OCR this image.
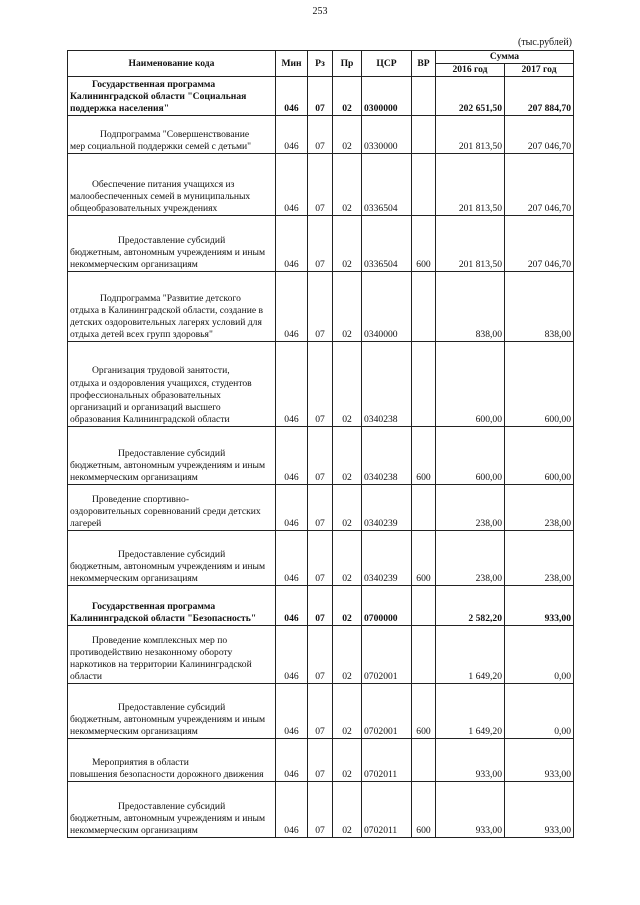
253
(тыс.рублей)
Наименование кода	Мин	Рз	Пр	ЦСР	ВР	Сумма	
						2016 год	2017 год

Государственная программа
Калининградской области "Социальная поддержка населения"	046	07	02	0300000		202 651,50	207 884,70

Подпрограмма "Совершенствование
мер социальной поддержки семей с детьми"	046	07	02	0330000		201 813,50	207 046,70

Обеспечение питания учащихся из
малообеспеченных семей в муниципальных общеобразовательных учреждениях	046	07	02	0336504		201 813,50	207 046,70

Предоставление субсидий
бюджетным, автономным учреждениям и иным некоммерческим организациям	046	07	02	0336504	600	201 813,50	207 046,70

Подпрограмма "Развитие детского
отдыха в Калининградской области, создание в детских оздоровительных лагерях условий для отдыха детей всех групп здоровья"	046	07	02	0340000		838,00	838,00

Организация трудовой занятости,
отдыха и оздоровления учащихся, студентов профессиональных образовательных организаций и организаций высшего образования Калининградской области	046	07	02	0340238		600,00	600,00

Предоставление субсидий
бюджетным, автономным учреждениям и иным некоммерческим организациям	046	07	02	0340238	600	600,00	600,00

Проведение спортивно-
оздоровительных соревнований среди детских лагерей	046	07	02	0340239		238,00	238,00

Предоставление субсидий
бюджетным, автономным учреждениям и иным некоммерческим организациям	046	07	02	0340239	600	238,00	238,00

Государственная программа
Калининградской области "Безопасность"	046	07	02	0700000		2 582,20	933,00

Проведение комплексных мер по
противодействию незаконному обороту наркотиков на территории Калининградской области	046	07	02	0702001		1 649,20	0,00

Предоставление субсидий
бюджетным, автономным учреждениям и иным некоммерческим организациям	046	07	02	0702001	600	1 649,20	0,00

Мероприятия в области
повышения безопасности дорожного движения	046	07	02	0702011		933,00	933,00

Предоставление субсидий
бюджетным, автономным учреждениям и иным некоммерческим организациям	046	07	02	0702011	600	933,00	933,00
